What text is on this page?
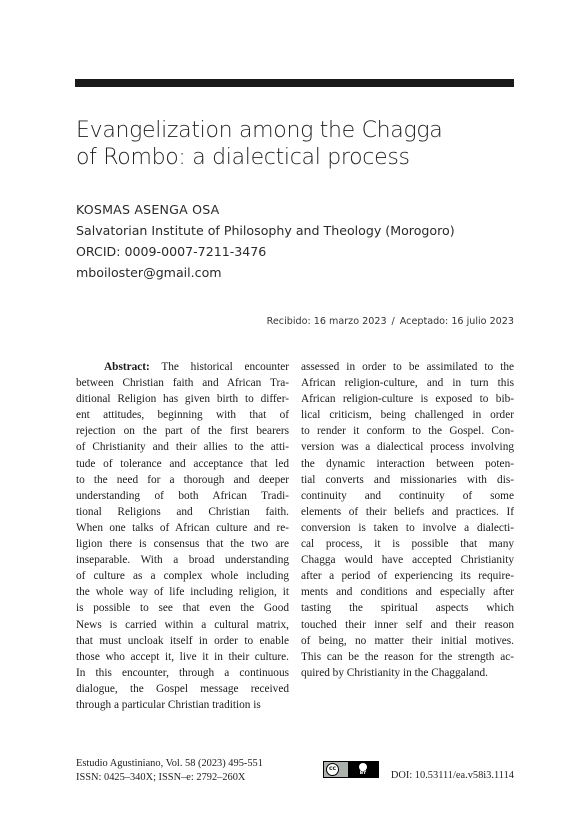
Evangelization among the Chagga
of Rombo: a dialectical process
KOSMAS ASENGA OSA
Salvatorian Institute of Philosophy and Theology (Morogoro)
ORCID: 0009-0007-7211-3476
mboiloster@gmail.com
Recibido: 16 marzo 2023 / Aceptado: 16 julio 2023
Abstract: The historical encounter
between Christian faith and African Tra-
ditional Religion has given birth to differ-
ent attitudes, beginning with that of
rejection on the part of the first bearers
of Christianity and their allies to the atti-
tude of tolerance and acceptance that led
to the need for a thorough and deeper
understanding of both African Tradi-
tional Religions and Christian faith.
When one talks of African culture and re-
ligion there is consensus that the two are
inseparable. With a broad understanding
of culture as a complex whole including
the whole way of life including religion, it
is possible to see that even the Good
News is carried within a cultural matrix,
that must uncloak itself in order to enable
those who accept it, live it in their culture.
In this encounter, through a continuous
dialogue, the Gospel message received
through a particular Christian tradition is
assessed in order to be assimilated to the
African religion-culture, and in turn this
African religion-culture is exposed to bib-
lical criticism, being challenged in order
to render it conform to the Gospel. Con-
version was a dialectical process involving
the dynamic interaction between poten-
tial converts and missionaries with dis-
continuity and continuity of some
elements of their beliefs and practices. If
conversion is taken to involve a dialecti-
cal process, it is possible that many
Chagga would have accepted Christianity
after a period of experiencing its require-
ments and conditions and especially after
tasting the spiritual aspects which
touched their inner self and their reason
of being, no matter their initial motives.
This can be the reason for the strength ac-
quired by Christianity in the Chaggaland.
Estudio Agustiniano, Vol. 58 (2023) 495-551
ISSN: 0425–340X; ISSN–e: 2792–260X
cc
BY DOI: 10.53111/ea.v58i3.1114
